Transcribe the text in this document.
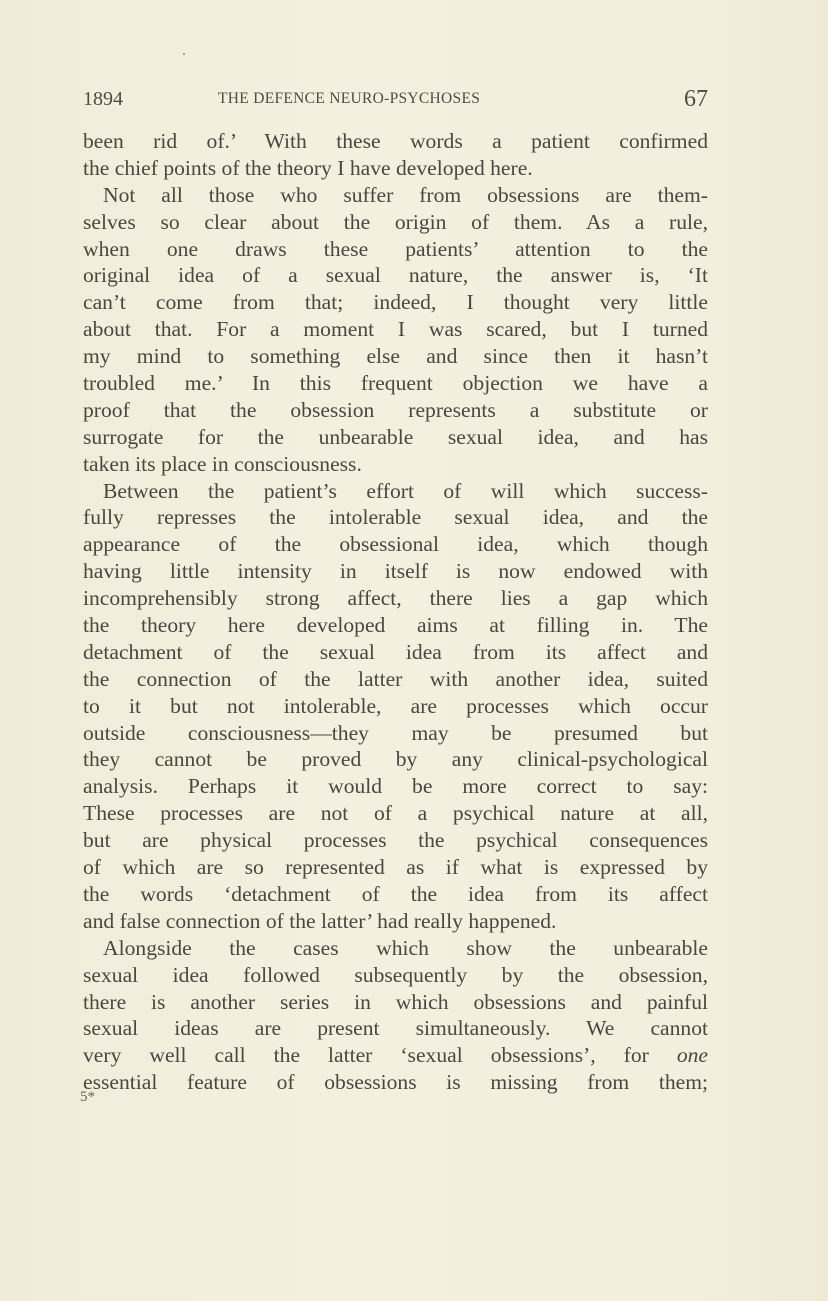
1894	THE DEFENCE NEURO-PSYCHOSES	67
been rid of.’ With these words a patient confirmed
the chief points of the theory I have developed here.
Not all those who suffer from obsessions are them-
selves so clear about the origin of them. As a rule,
when one draws these patients’ attention to the
original idea of a sexual nature, the answer is, ‘It
can’t come from that; indeed, I thought very little
about that. For a moment I was scared, but I turned
my mind to something else and since then it hasn’t
troubled me.’ In this frequent objection we have a
proof that the obsession represents a substitute or
surrogate for the unbearable sexual idea, and has
taken its place in consciousness.
Between the patient’s effort of will which success-
fully represses the intolerable sexual idea, and the
appearance of the obsessional idea, which though
having little intensity in itself is now endowed with
incomprehensibly strong affect, there lies a gap which
the theory here developed aims at filling in. The
detachment of the sexual idea from its affect and
the connection of the latter with another idea, suited
to it but not intolerable, are processes which occur
outside consciousness—they may be presumed but
they cannot be proved by any clinical-psychological
analysis. Perhaps it would be more correct to say:
These processes are not of a psychical nature at all,
but are physical processes the psychical consequences
of which are so represented as if what is expressed by
the words ‘detachment of the idea from its affect
and false connection of the latter’ had really happened.
Alongside the cases which show the unbearable
sexual idea followed subsequently by the obsession,
there is another series in which obsessions and painful
sexual ideas are present simultaneously. We cannot
very well call the latter ‘sexual obsessions’, for one
essential feature of obsessions is missing from them;
5*
